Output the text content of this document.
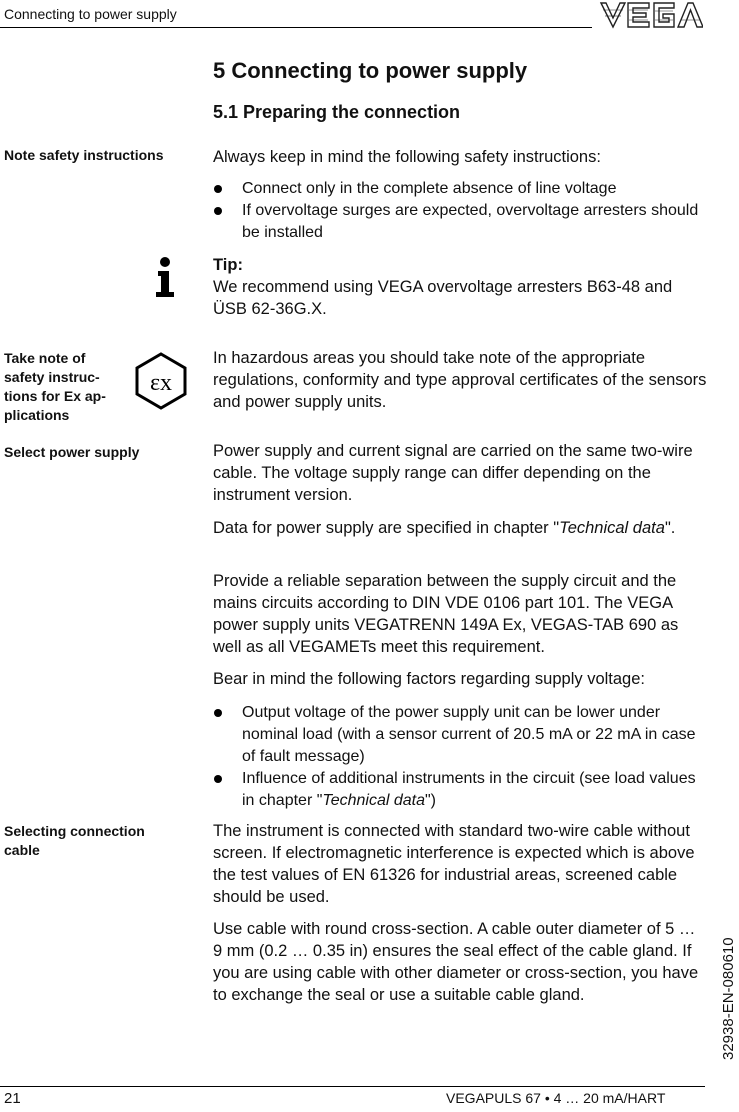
Connecting to power supply
5 Connecting to power supply
5.1 Preparing the connection
Note safety instructions	Always keep in mind the following safety instructions:
Connect only in the complete absence of line voltage
If overvoltage surges are expected, overvoltage arresters should be installed
Tip:
We recommend using VEGA overvoltage arresters B63-48 and ÜSB 62-36G.X.
Take note of
safety instruc-
tions for Ex ap-
plications
εx
In hazardous areas you should take note of the appropriate regulations, conformity and type approval certificates of the sensors and power supply units.
Select power supply	Power supply and current signal are carried on the same two-wire cable. The voltage supply range can differ depending on the instrument version.
Data for power supply are specified in chapter "Technical data".
Provide a reliable separation between the supply circuit and the mains circuits according to DIN VDE 0106 part 101. The VEGA power supply units VEGATRENN 149A Ex, VEGAS-TAB 690 as well as all VEGAMETs meet this requirement.
Bear in mind the following factors regarding supply voltage:
Output voltage of the power supply unit can be lower under nominal load (with a sensor current of 20.5 mA or 22 mA in case of fault message)
Influence of additional instruments in the circuit (see load values in chapter "Technical data")
Selecting connection
cable
The instrument is connected with standard two-wire cable without screen. If electromagnetic interference is expected which is above the test values of EN 61326 for industrial areas, screened cable should be used.
Use cable with round cross-section. A cable outer diameter of 5 … 9 mm (0.2 … 0.35 in) ensures the seal effect of the cable gland. If you are using cable with other diameter or cross-section, you have to exchange the seal or use a suitable cable gland.	32938-EN-080610
21	VEGAPULS 67 • 4 … 20 mA/HART
